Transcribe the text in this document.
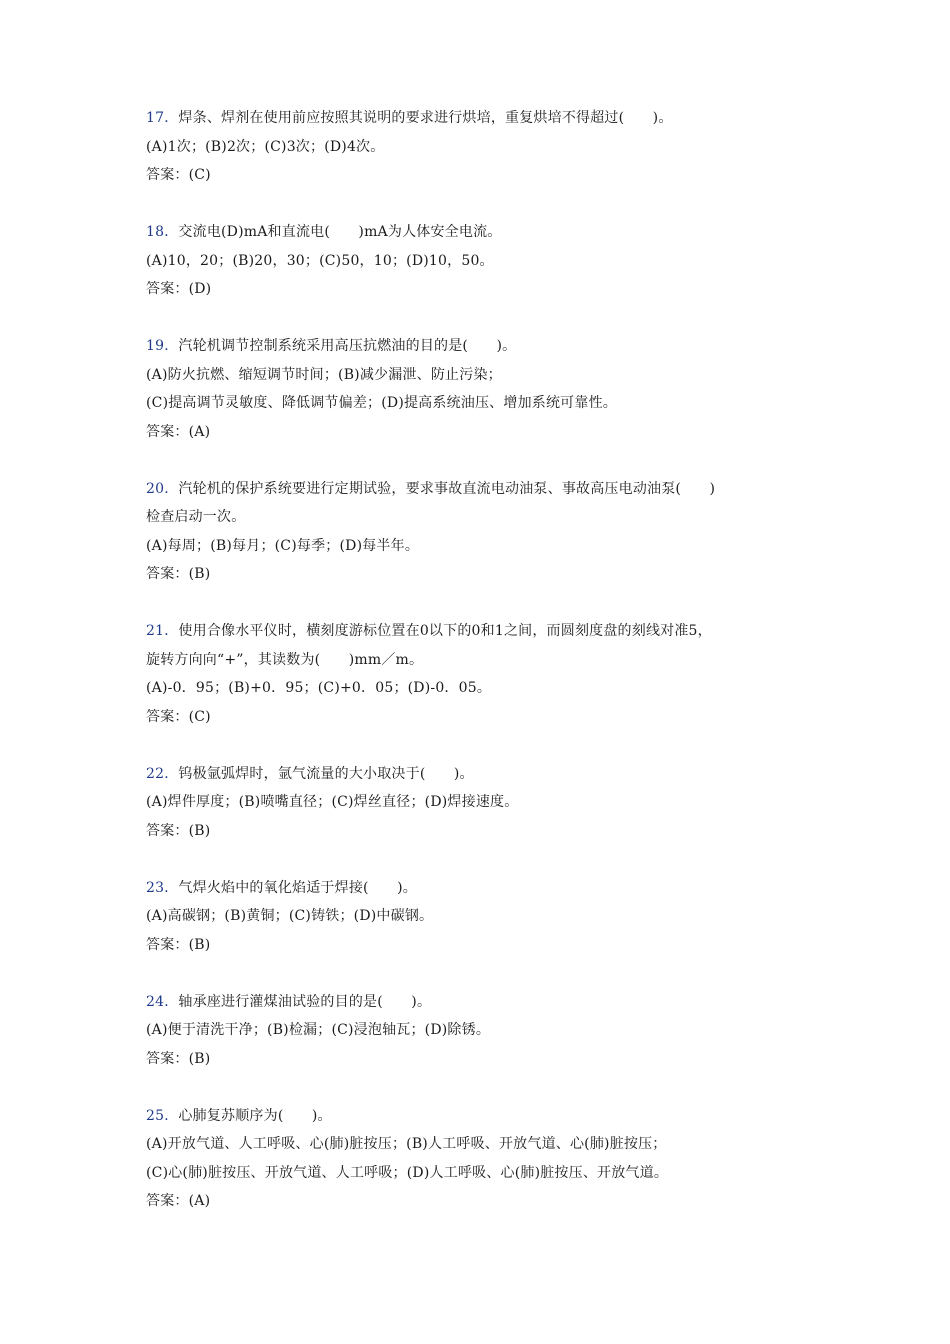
17．焊条、焊剂在使用前应按照其说明的要求进行烘培，重复烘培不得超过(　　)。
(A)1次；(B)2次；(C)3次；(D)4次。
答案：(C)
18．交流电(D)mA和直流电(　　)mA为人体安全电流。
(A)10，20；(B)20，30；(C)50，10；(D)10，50。
答案：(D)
19．汽轮机调节控制系统采用高压抗燃油的目的是(　　)。
(A)防火抗燃、缩短调节时间；(B)减少漏泄、防止污染；
(C)提高调节灵敏度、降低调节偏差；(D)提高系统油压、增加系统可靠性。
答案：(A)
20．汽轮机的保护系统要进行定期试验，要求事故直流电动油泵、事故高压电动油泵(　　)
检查启动一次。
(A)每周；(B)每月；(C)每季；(D)每半年。
答案：(B)
21．使用合像水平仪时，横刻度游标位置在0以下的0和1之间，而圆刻度盘的刻线对准5，
旋转方向向“+”，其读数为(　　)mm／m。
(A)-0．95；(B)+0．95；(C)+0．05；(D)-0．05。
答案：(C)
22．钨极氩弧焊时，氩气流量的大小取决于(　　)。
(A)焊件厚度；(B)喷嘴直径；(C)焊丝直径；(D)焊接速度。
答案：(B)
23．气焊火焰中的氧化焰适于焊接(　　)。
(A)高碳钢；(B)黄铜；(C)铸铁；(D)中碳钢。
答案：(B)
24．轴承座进行灌煤油试验的目的是(　　)。
(A)便于清洗干净；(B)检漏；(C)浸泡轴瓦；(D)除锈。
答案：(B)
25．心肺复苏顺序为(　　)。
(A)开放气道、人工呼吸、心(肺)脏按压；(B)人工呼吸、开放气道、心(肺)脏按压；
(C)心(肺)脏按压、开放气道、人工呼吸；(D)人工呼吸、心(肺)脏按压、开放气道。
答案：(A)
